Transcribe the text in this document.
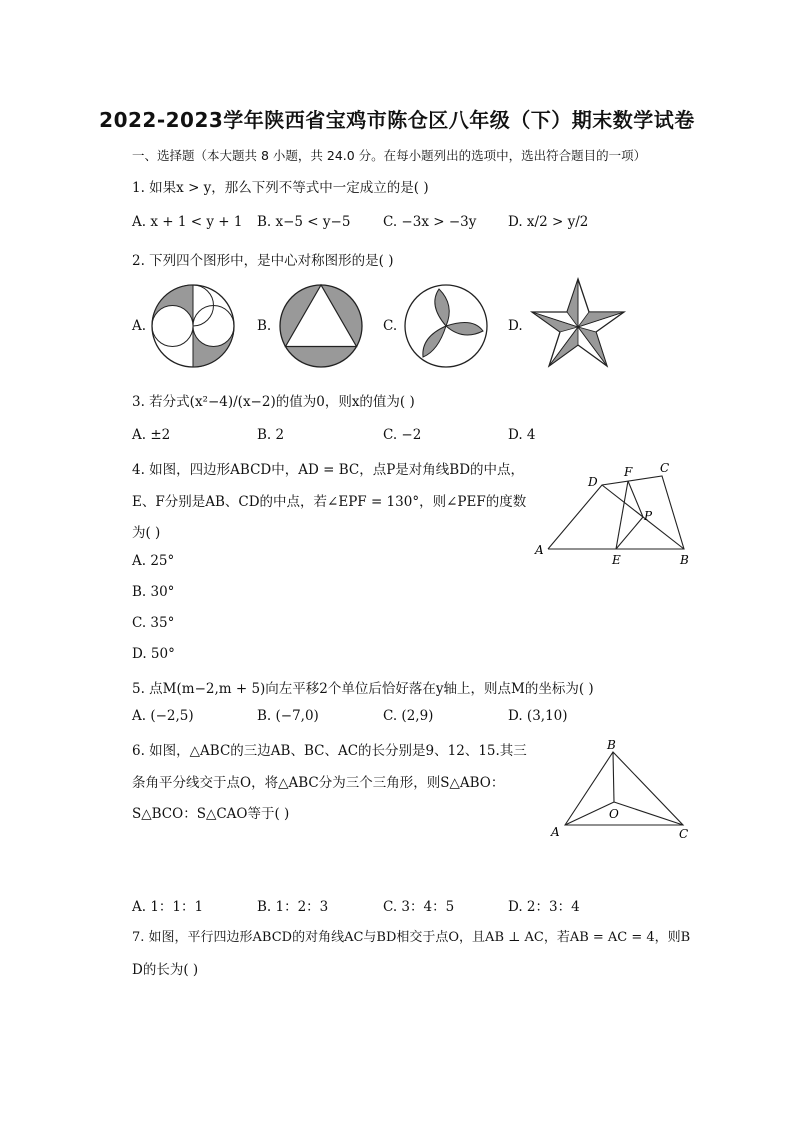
2022-2023学年陕西省宝鸡市陈仓区八年级（下）期末数学试卷
一、选择题（本大题共 8 小题，共 24.0 分。在每小题列出的选项中，选出符合题目的一项）
1. 如果x > y，那么下列不等式中一定成立的是( )
A. x + 1 < y + 1 B. x−5 < y−5 C. −3x > −3y D. x/2 > y/2
2. 下列四个图形中，是中心对称图形的是( )
A.	B.	C.	D.
3. 若分式(x²−4)/(x−2)的值为0，则x的值为( )
A. ±2	B. 2	C. −2	D. 4
4. 如图，四边形ABCD中，AD = BC，点P是对角线BD的中点，
E、F分别是AB、CD的中点，若∠EPF = 130°，则∠PEF的度数
为( )
A. 25°
B. 30°
C. 35°
D. 50°
A
B
C
D
E
F
P
5. 点M(m−2,m + 5)向左平移2个单位后恰好落在y轴上，则点M的坐标为( )
A. (−2,5)	B. (−7,0)	C. (2,9)	D. (3,10)
6. 如图，△ABC的三边AB、BC、AC的长分别是9、12、15.其三
条角平分线交于点O，将△ABC分为三个三角形，则S△ABO：
S△BCO：S△CAO等于( )
A
B
C
O
A. 1：1：1	B. 1：2：3	C. 3：4：5	D. 2：3：4
7. 如图，平行四边形ABCD的对角线AC与BD相交于点O，且AB ⊥ AC，若AB = AC = 4，则B
D的长为( )
